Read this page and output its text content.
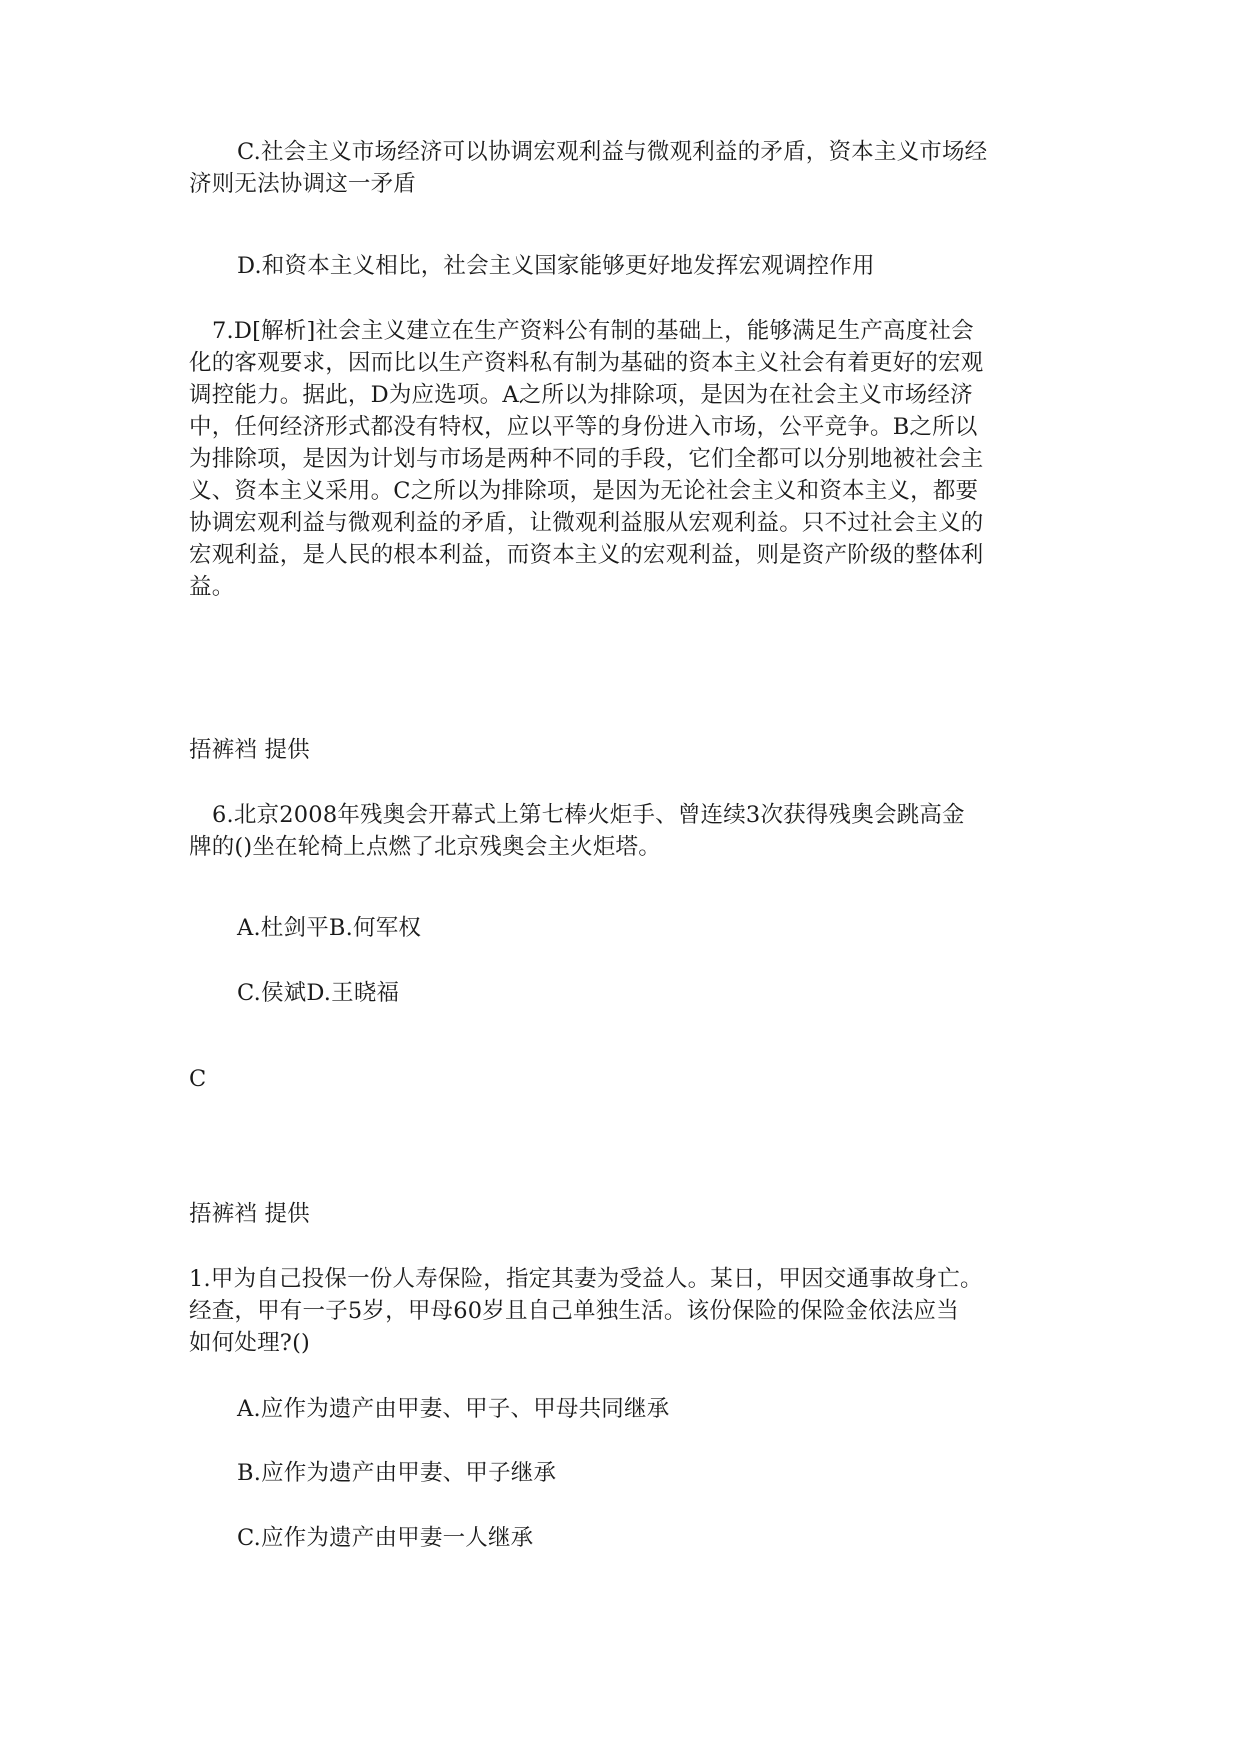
C.社会主义市场经济可以协调宏观利益与微观利益的矛盾，资本主义市场经
济则无法协调这一矛盾
D.和资本主义相比，社会主义国家能够更好地发挥宏观调控作用
7.D[解析]社会主义建立在生产资料公有制的基础上，能够满足生产高度社会
化的客观要求，因而比以生产资料私有制为基础的资本主义社会有着更好的宏观
调控能力。据此，D为应选项。A之所以为排除项，是因为在社会主义市场经济
中，任何经济形式都没有特权，应以平等的身份进入市场，公平竞争。B之所以
为排除项，是因为计划与市场是两种不同的手段，它们全都可以分别地被社会主
义、资本主义采用。C之所以为排除项，是因为无论社会主义和资本主义，都要
协调宏观利益与微观利益的矛盾，让微观利益服从宏观利益。只不过社会主义的
宏观利益，是人民的根本利益，而资本主义的宏观利益，则是资产阶级的整体利
益。
捂裤裆 提供
6.北京2008年残奥会开幕式上第七棒火炬手、曾连续3次获得残奥会跳高金
牌的()坐在轮椅上点燃了北京残奥会主火炬塔。
A.杜剑平B.何军权
C.侯斌D.王晓福
C
捂裤裆 提供
1.甲为自己投保一份人寿保险，指定其妻为受益人。某日，甲因交通事故身亡。
经查，甲有一子5岁，甲母60岁且自己单独生活。该份保险的保险金依法应当
如何处理?()
A.应作为遗产由甲妻、甲子、甲母共同继承
B.应作为遗产由甲妻、甲子继承
C.应作为遗产由甲妻一人继承
